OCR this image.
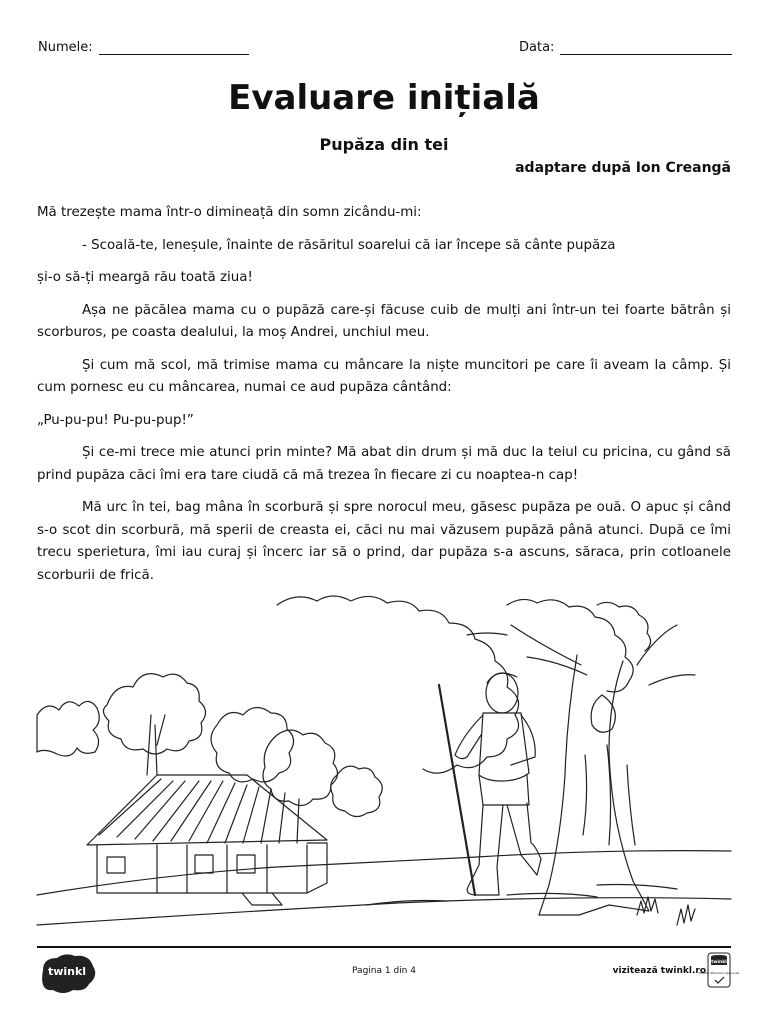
Numele:	Data:
Evaluare inițială
Pupăza din tei
adaptare după Ion Creangă

Mă trezește mama într-o dimineață din somn zicându-mi:

- Scoală-te, leneșule, înainte de răsăritul soarelui că iar începe să cânte pupăza

și-o să-ți meargă rău toată ziua!

Așa ne păcălea mama cu o pupăză care-și făcuse cuib de mulți ani într-un tei foarte bătrân și scorburos, pe coasta dealului, la moș Andrei, unchiul meu.

Și cum mă scol, mă trimise mama cu mâncare la niște muncitori pe care îi aveam la câmp. Și cum pornesc eu cu mâncarea, numai ce aud pupăza cântând:

„Pu-pu-pu! Pu-pu-pup!”

Și ce-mi trece mie atunci prin minte? Mă abat din drum și mă duc la teiul cu pricina, cu gând să prind pupăza căci îmi era tare ciudă că mă trezea în fiecare zi cu noaptea-n cap!

Mă urc în tei, bag mâna în scorbură și spre norocul meu, găsesc pupăza pe ouă. O apuc și când s-o scot din scorbură, mă sperii de creasta ei, căci nu mai văzusem pupăză până atunci. După ce îmi trecu sperietura, îmi iau curaj și încerc iar să o prind, dar pupăza s-a ascuns, săraca, prin cotloanele scorburii de frică.

twinkl	Pagina 1 din 4	vizitează twinkl.ro
twinkl
Quality Standard Approved
